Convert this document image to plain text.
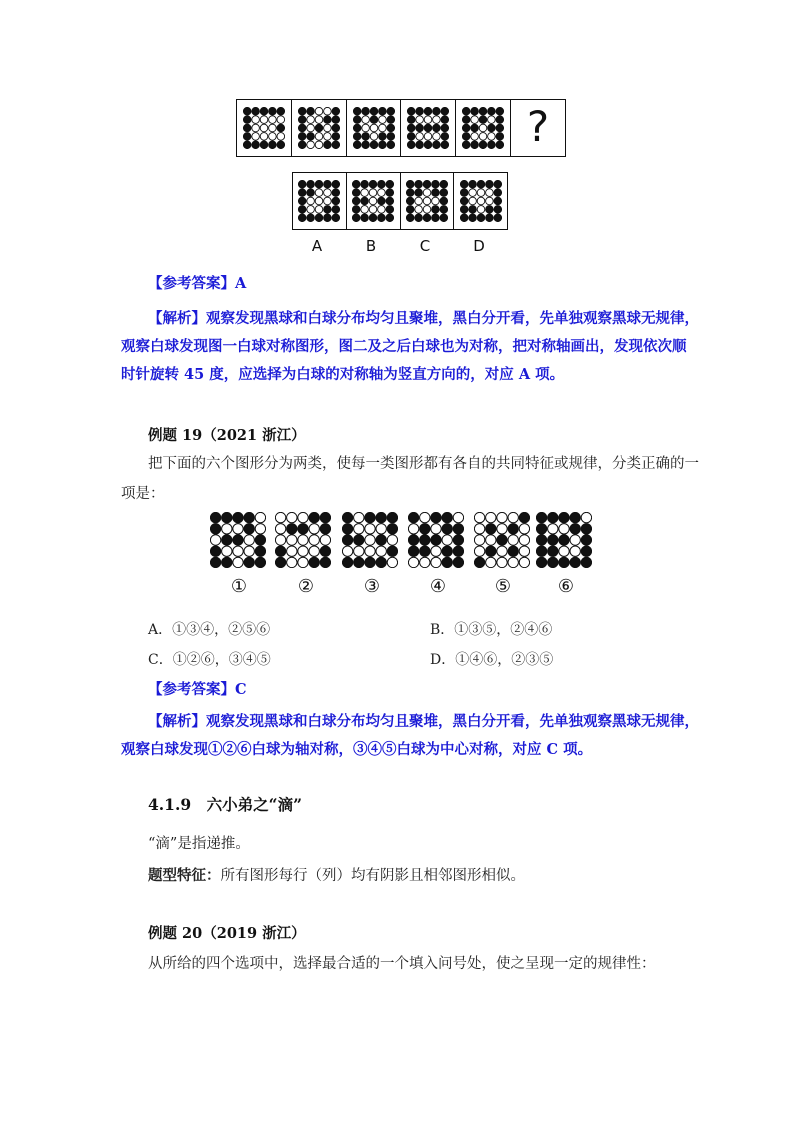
?
A	B	C	D
【参考答案】A
【解析】观察发现黑球和白球分布均匀且聚堆，黑白分开看，先单独观察黑球无规律，
观察白球发现图一白球对称图形，图二及之后白球也为对称，把对称轴画出，发现依次顺
时针旋转 45 度，应选择为白球的对称轴为竖直方向的，对应 A 项。
例题 19（2021 浙江）
把下面的六个图形分为两类，使每一类图形都有各自的共同特征或规律，分类正确的一
项是：
①	②	③	④	⑤	⑥
A．①③④，②⑤⑥	B．①③⑤，②④⑥
C．①②⑥，③④⑤	D．①④⑥，②③⑤
【参考答案】C
【解析】观察发现黑球和白球分布均匀且聚堆，黑白分开看，先单独观察黑球无规律，
观察白球发现①②⑥白球为轴对称，③④⑤白球为中心对称，对应 C 项。
4.1.9　六小弟之“滴”
“滴”是指递推。
题型特征：所有图形每行（列）均有阴影且相邻图形相似。
例题 20（2019 浙江）
从所给的四个选项中，选择最合适的一个填入问号处，使之呈现一定的规律性：
